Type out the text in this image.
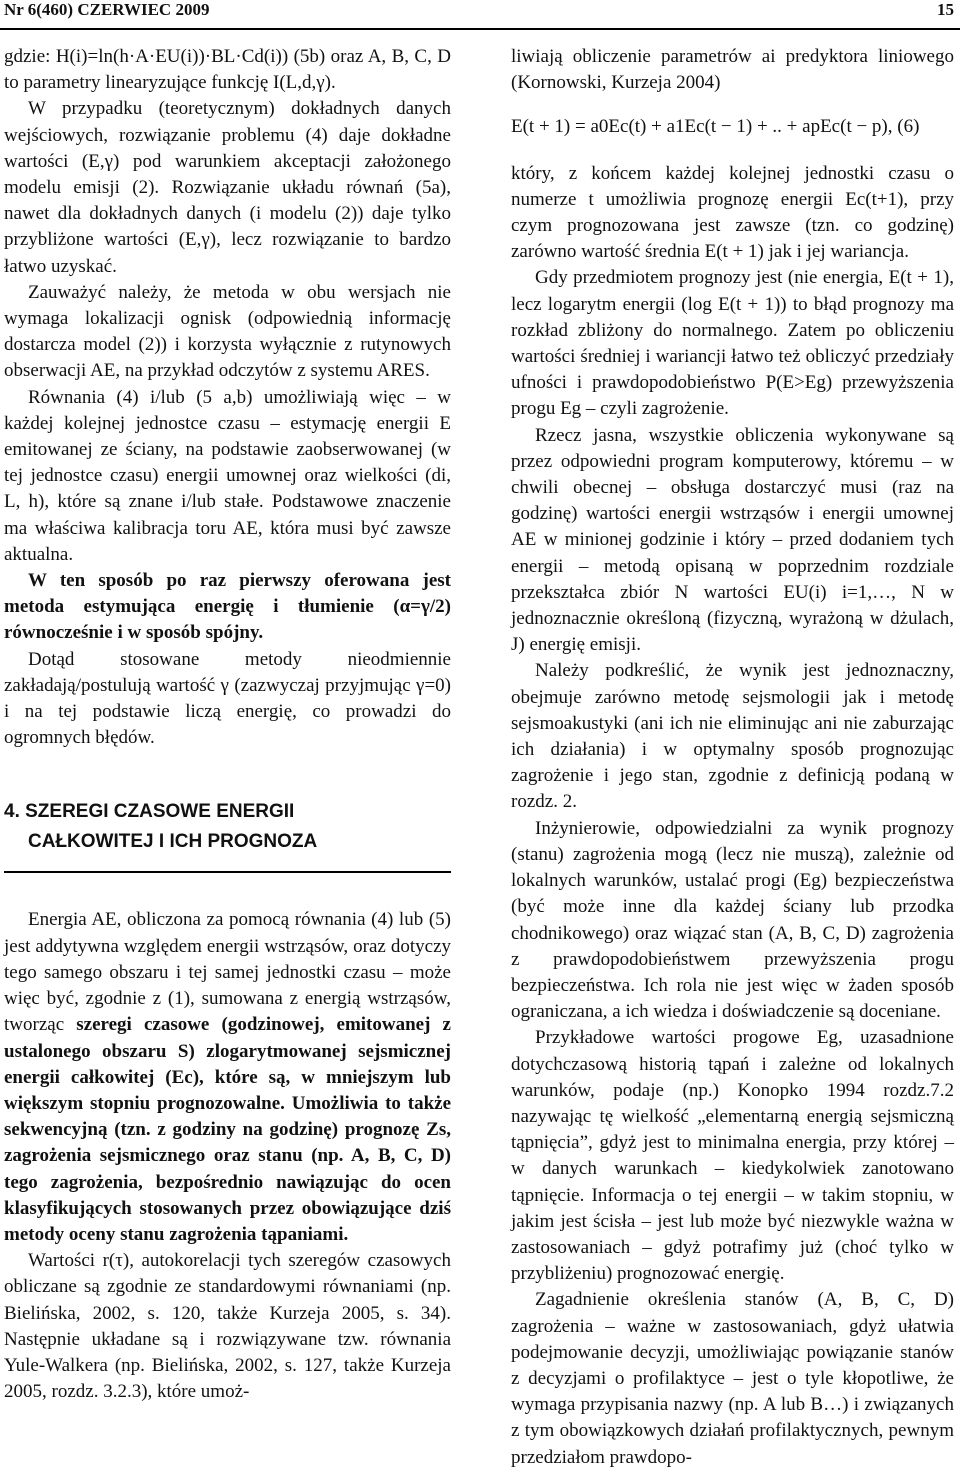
Nr 6(460) CZERWIEC 2009	15

gdzie: H(i)=ln(h·A·EU(i))·BL·Cd(i)) (5b) oraz A, B, C, D to parametry linearyzujące funkcję I(L,d,γ).

W przypadku (teoretycznym) dokładnych danych wejściowych, rozwiązanie problemu (4) daje dokładne wartości (E,γ) pod warunkiem akceptacji założonego modelu emisji (2). Rozwiązanie układu równań (5a), nawet dla dokładnych danych (i modelu (2)) daje tylko przybliżone wartości (E,γ), lecz rozwiązanie to bardzo łatwo uzyskać.

Zauważyć należy, że metoda w obu wersjach nie wymaga lokalizacji ognisk (odpowiednią informację dostarcza model (2)) i korzysta wyłącznie z rutynowych obserwacji AE, na przykład odczytów z systemu ARES.

Równania (4) i/lub (5 a,b) umożliwiają więc – w każdej kolejnej jednostce czasu – estymację energii E emitowanej ze ściany, na podstawie zaobserwowanej (w tej jednostce czasu) energii umownej oraz wielkości (di, L, h), które są znane i/lub stałe. Podstawowe znaczenie ma właściwa kalibracja toru AE, która musi być zawsze aktualna.

W ten sposób po raz pierwszy oferowana jest metoda estymująca energię i tłumienie (α=γ/2) równocześnie i w sposób spójny.

Dotąd stosowane metody nieodmiennie zakładają/postulują wartość γ (zazwyczaj przyjmując γ=0) i na tej podstawie liczą energię, co prowadzi do ogromnych błędów.

4. SZEREGI CZASOWE ENERGII
CAŁKOWITEJ I ICH PROGNOZA

Energia AE, obliczona za pomocą równania (4) lub (5) jest addytywna względem energii wstrząsów, oraz dotyczy tego samego obszaru i tej samej jednostki czasu – może więc być, zgodnie z (1), sumowana z energią wstrząsów, tworząc szeregi czasowe (godzinowej, emitowanej z ustalonego obszaru S) zlogarytmowanej sejsmicznej energii całkowitej (Ec), które są, w mniejszym lub większym stopniu prognozowalne. Umożliwia to także sekwencyjną (tzn. z godziny na godzinę) prognozę Zs, zagrożenia sejsmicznego oraz stanu (np. A, B, C, D) tego zagrożenia, bezpośrednio nawiązując do ocen klasyfikujących stosowanych przez obowiązujące dziś metody oceny stanu zagrożenia tąpaniami.

Wartości r(τ), autokorelacji tych szeregów czasowych obliczane są zgodnie ze standardowymi równaniami (np. Bielińska, 2002, s. 120, także Kurzeja 2005, s. 34). Następnie układane są i rozwiązywane tzw. równania Yule-Walkera (np. Bielińska, 2002, s. 127, także Kurzeja 2005, rozdz. 3.2.3), które umoż-

liwiają obliczenie parametrów ai predyktora liniowego (Kornowski, Kurzeja 2004)

E(t + 1) = a0Ec(t) + a1Ec(t − 1) + .. + apEc(t − p), (6)

który, z końcem każdej kolejnej jednostki czasu o numerze t umożliwia prognozę energii Ec(t+1), przy czym prognozowana jest zawsze (tzn. co godzinę) zarówno wartość średnia E(t + 1) jak i jej wariancja.

Gdy przedmiotem prognozy jest (nie energia, E(t + 1), lecz logarytm energii (log E(t + 1)) to błąd prognozy ma rozkład zbliżony do normalnego. Zatem po obliczeniu wartości średniej i wariancji łatwo też obliczyć przedziały ufności i prawdopodobieństwo P(E>Eg) przewyższenia progu Eg – czyli zagrożenie.

Rzecz jasna, wszystkie obliczenia wykonywane są przez odpowiedni program komputerowy, któremu – w chwili obecnej – obsługa dostarczyć musi (raz na godzinę) wartości energii wstrząsów i energii umownej AE w minionej godzinie i który – przed dodaniem tych energii – metodą opisaną w poprzednim rozdziale przekształca zbiór N wartości EU(i) i=1,…, N w jednoznacznie określoną (fizyczną, wyrażoną w dżulach, J) energię emisji.

Należy podkreślić, że wynik jest jednoznaczny, obejmuje zarówno metodę sejsmologii jak i metodę sejsmoakustyki (ani ich nie eliminując ani nie zaburzając ich działania) i w optymalny sposób prognozując zagrożenie i jego stan, zgodnie z definicją podaną w rozdz. 2.

Inżynierowie, odpowiedzialni za wynik prognozy (stanu) zagrożenia mogą (lecz nie muszą), zależnie od lokalnych warunków, ustalać progi (Eg) bezpieczeństwa (być może inne dla każdej ściany lub przodka chodnikowego) oraz wiązać stan (A, B, C, D) zagrożenia z prawdopodobieństwem przewyższenia progu bezpieczeństwa. Ich rola nie jest więc w żaden sposób ograniczana, a ich wiedza i doświadczenie są doceniane.

Przykładowe wartości progowe Eg, uzasadnione dotychczasową historią tąpań i zależne od lokalnych warunków, podaje (np.) Konopko 1994 rozdz.7.2 nazywając tę wielkość „elementarną energią sejsmiczną tąpnięcia”, gdyż jest to minimalna energia, przy której – w danych warunkach – kiedykolwiek zanotowano tąpnięcie. Informacja o tej energii – w takim stopniu, w jakim jest ścisła – jest lub może być niezwykle ważna w zastosowaniach – gdyż potrafimy już (choć tylko w przybliżeniu) prognozować energię.

Zagadnienie określenia stanów (A, B, C, D) zagrożenia – ważne w zastosowaniach, gdyż ułatwia podejmowanie decyzji, umożliwiając powiązanie stanów z decyzjami o profilaktyce – jest o tyle kłopotliwe, że wymaga przypisania nazwy (np. A lub B…) i związanych z tym obowiązkowych działań profilaktycznych, pewnym przedziałom prawdopo-
